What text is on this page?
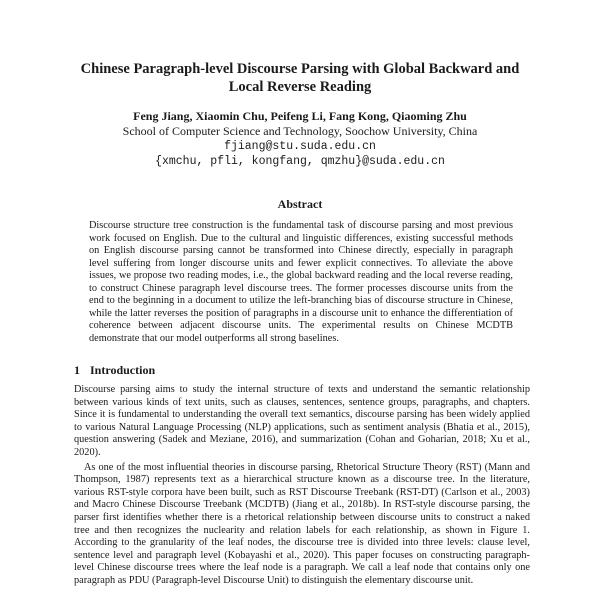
Chinese Paragraph-level Discourse Parsing with Global Backward and
Local Reverse Reading
Feng Jiang, Xiaomin Chu, Peifeng Li, Fang Kong, Qiaoming Zhu
School of Computer Science and Technology, Soochow University, China
fjiang@stu.suda.edu.cn
{xmchu, pfli, kongfang, qmzhu}@suda.edu.cn
Abstract

Discourse structure tree construction is the fundamental task of discourse parsing and most previous work focused on English. Due to the cultural and linguistic differences, existing successful methods on English discourse parsing cannot be transformed into Chinese directly, especially in paragraph level suffering from longer discourse units and fewer explicit connectives. To alleviate the above issues, we propose two reading modes, i.e., the global backward reading and the local reverse reading, to construct Chinese paragraph level discourse trees. The former processes discourse units from the end to the beginning in a document to utilize the left-branching bias of discourse structure in Chinese, while the latter reverses the position of paragraphs in a discourse unit to enhance the differentiation of coherence between adjacent discourse units. The experimental results on Chinese MCDTB demonstrate that our model outperforms all strong baselines.

1 Introduction

Discourse parsing aims to study the internal structure of texts and understand the semantic relationship between various kinds of text units, such as clauses, sentences, sentence groups, paragraphs, and chapters. Since it is fundamental to understanding the overall text semantics, discourse parsing has been widely applied to various Natural Language Processing (NLP) applications, such as sentiment analysis (Bhatia et al., 2015), question answering (Sadek and Meziane, 2016), and summarization (Cohan and Goharian, 2018; Xu et al., 2020).

As one of the most influential theories in discourse parsing, Rhetorical Structure Theory (RST) (Mann and Thompson, 1987) represents text as a hierarchical structure known as a discourse tree. In the literature, various RST-style corpora have been built, such as RST Discourse Treebank (RST-DT) (Carlson et al., 2003) and Macro Chinese Discourse Treebank (MCDTB) (Jiang et al., 2018b). In RST-style discourse parsing, the parser first identifies whether there is a rhetorical relationship between discourse units to construct a naked tree and then recognizes the nuclearity and relation labels for each relationship, as shown in Figure 1. According to the granularity of the leaf nodes, the discourse tree is divided into three levels: clause level, sentence level and paragraph level (Kobayashi et al., 2020). This paper focuses on constructing paragraph-level Chinese discourse trees where the leaf node is a paragraph. We call a leaf node that contains only one paragraph as PDU (Paragraph-level Discourse Unit) to distinguish the elementary discourse unit.
